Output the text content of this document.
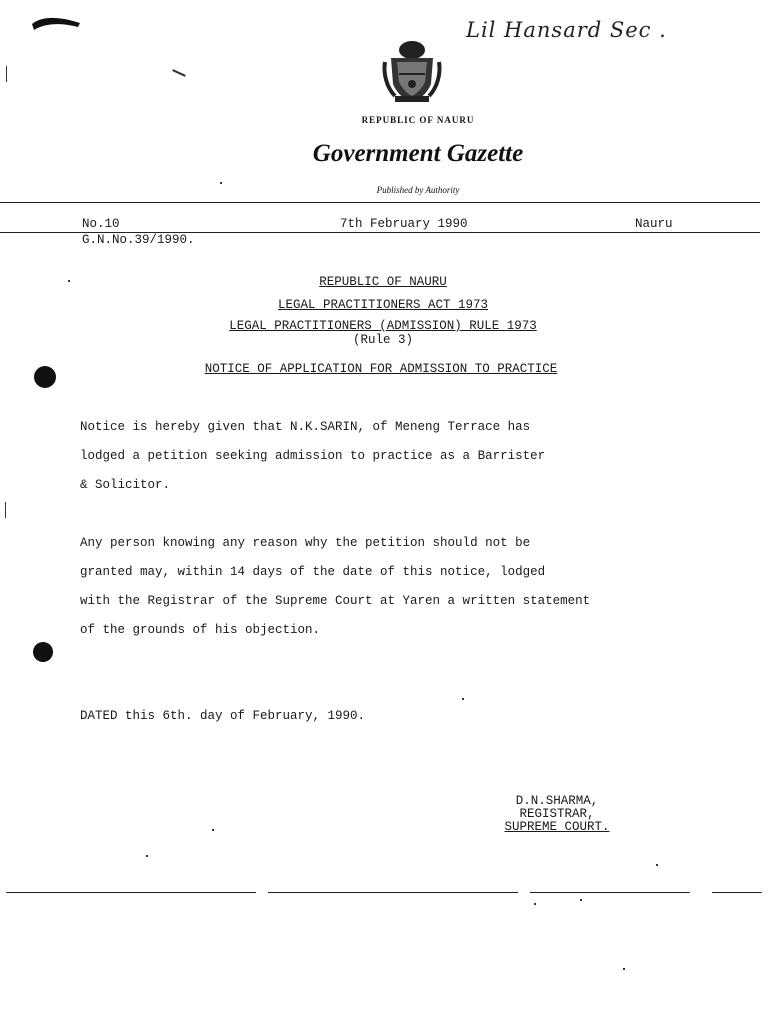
Lil Hansard Sec .
REPUBLIC OF NAURU
Government Gazette
Published by Authority
No.10	7th February 1990	Nauru
G.N.No.39/1990.
REPUBLIC OF NAURU
LEGAL PRACTITIONERS ACT 1973
LEGAL PRACTITIONERS (ADMISSION) RULE 1973
(Rule 3)
NOTICE OF APPLICATION FOR ADMISSION TO PRACTICE
Notice is hereby given that N.K.SARIN, of Meneng Terrace has
lodged a petition seeking admission to practice as a Barrister
& Solicitor.
Any person knowing any reason why the petition should not be
granted may, within 14 days of the date of this notice, lodged
with the Registrar of the Supreme Court at Yaren a written statement
of the grounds of his objection.
DATED this 6th. day of February, 1990.
D.N.SHARMA,
REGISTRAR,
SUPREME COURT.
